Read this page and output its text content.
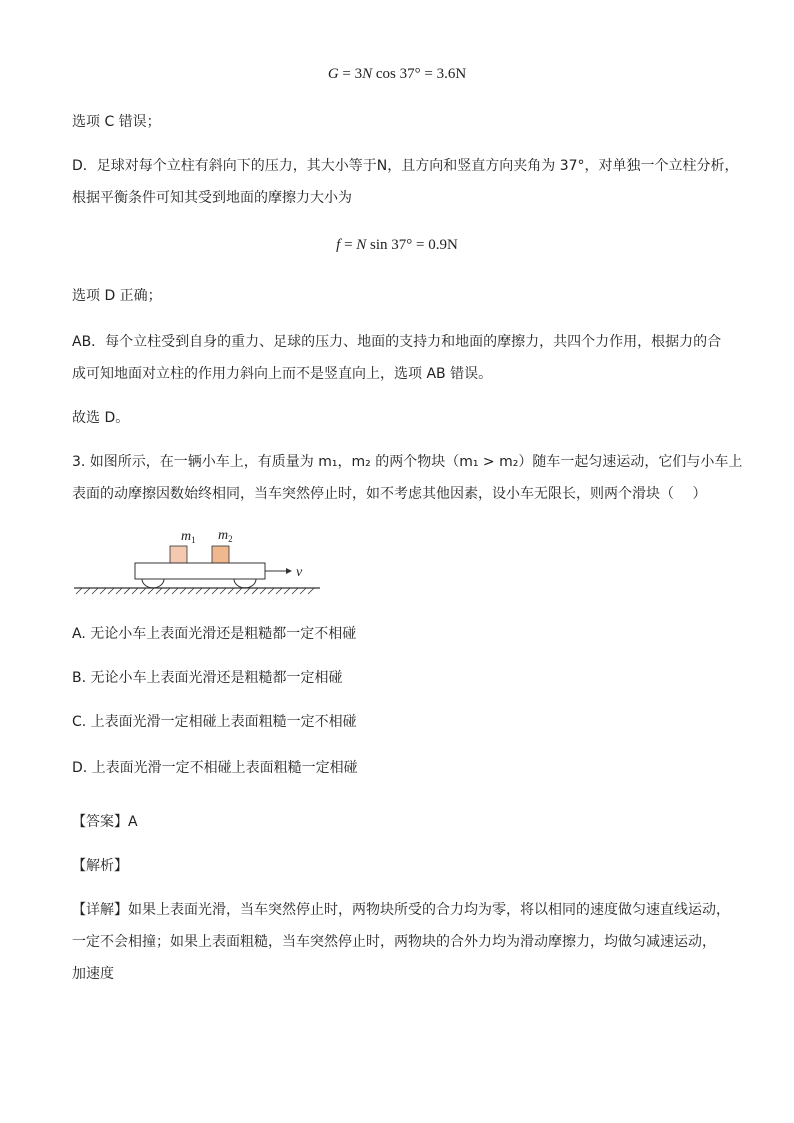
G = 3N cos 37° = 3.6N
选项 C 错误；
D．足球对每个立柱有斜向下的压力，其大小等于N，且方向和竖直方向夹角为 37°，对单独一个立柱分析，
根据平衡条件可知其受到地面的摩擦力大小为
f = N sin 37° = 0.9N
选项 D 正确；
AB．每个立柱受到自身的重力、足球的压力、地面的支持力和地面的摩擦力，共四个力作用，根据力的合
成可知地面对立柱的作用力斜向上而不是竖直向上，选项 AB 错误。
故选 D。
3. 如图所示，在一辆小车上，有质量为 m₁，m₂ 的两个物块（m₁ > m₂）随车一起匀速运动，它们与小车上
表面的动摩擦因数始终相同，当车突然停止时，如不考虑其他因素，设小车无限长，则两个滑块（　 ）
$m_1$ $m_2$
v
A. 无论小车上表面光滑还是粗糙都一定不相碰
B. 无论小车上表面光滑还是粗糙都一定相碰
C. 上表面光滑一定相碰上表面粗糙一定不相碰
D. 上表面光滑一定不相碰上表面粗糙一定相碰
【答案】A
【解析】
【详解】如果上表面光滑，当车突然停止时，两物块所受的合力均为零，将以相同的速度做匀速直线运动，
一定不会相撞；如果上表面粗糙，当车突然停止时，两物块的合外力均为滑动摩擦力，均做匀减速运动，
加速度
